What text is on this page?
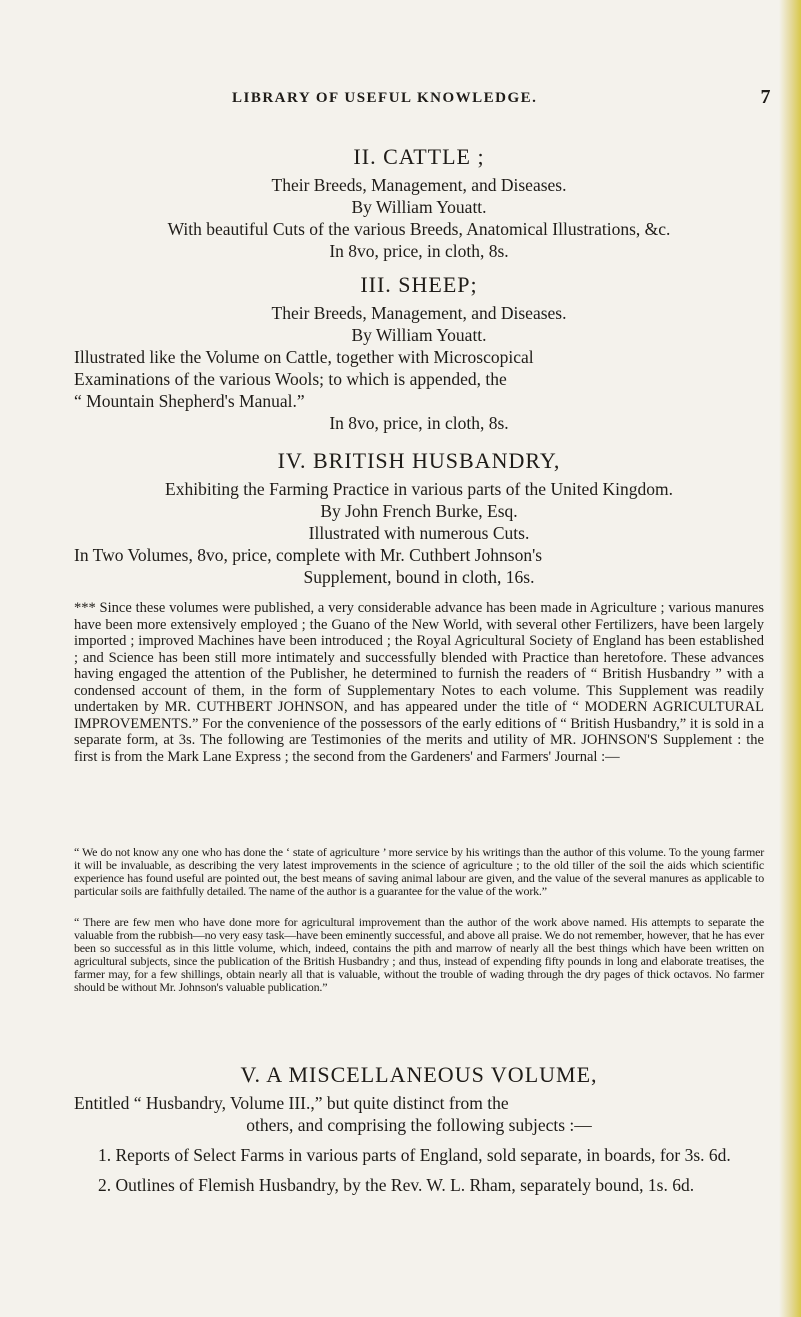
LIBRARY OF USEFUL KNOWLEDGE.	7
II. CATTLE ;

Their Breeds, Management, and Diseases.

By William Youatt.

With beautiful Cuts of the various Breeds, Anatomical Illustrations, &c.

In 8vo, price, in cloth, 8s.

III. SHEEP;

Their Breeds, Management, and Diseases.

By William Youatt.

Illustrated like the Volume on Cattle, together with Microscopical

Examinations of the various Wools; to which is appended, the

“ Mountain Shepherd's Manual.”

In 8vo, price, in cloth, 8s.

IV. BRITISH HUSBANDRY,

Exhibiting the Farming Practice in various parts of the United Kingdom.

By John French Burke, Esq.

Illustrated with numerous Cuts.

In Two Volumes, 8vo, price, complete with Mr. Cuthbert Johnson's

Supplement, bound in cloth, 16s.

*** Since these volumes were published, a very considerable advance has been made in Agriculture ; various manures have been more extensively employed ; the Guano of the New World, with several other Fertilizers, have been largely imported ; improved Machines have been introduced ; the Royal Agricultural Society of England has been established ; and Science has been still more intimately and successfully blended with Practice than heretofore. These advances having engaged the attention of the Publisher, he determined to furnish the readers of “ British Husbandry ” with a condensed account of them, in the form of Supplementary Notes to each volume. This Supplement was readily undertaken by MR. CUTHBERT JOHNSON, and has appeared under the title of “ MODERN AGRICULTURAL IMPROVEMENTS.” For the convenience of the possessors of the early editions of “ British Husbandry,” it is sold in a separate form, at 3s. The following are Testimonies of the merits and utility of MR. JOHNSON'S Supplement : the first is from the Mark Lane Express ; the second from the Gardeners' and Farmers' Journal :—
“ We do not know any one who has done the ‘ state of agriculture ’ more service by his writings than the author of this volume. To the young farmer it will be invaluable, as describing the very latest improvements in the science of agriculture ; to the old tiller of the soil the aids which scientific experience has found useful are pointed out, the best means of saving animal labour are given, and the value of the several manures as applicable to particular soils are faithfully detailed. The name of the author is a guarantee for the value of the work.”
“ There are few men who have done more for agricultural improvement than the author of the work above named. His attempts to separate the valuable from the rubbish—no very easy task—have been eminently successful, and above all praise. We do not remember, however, that he has ever been so successful as in this little volume, which, indeed, contains the pith and marrow of nearly all the best things which have been written on agricultural subjects, since the publication of the British Husbandry ; and thus, instead of expending fifty pounds in long and elaborate treatises, the farmer may, for a few shillings, obtain nearly all that is valuable, without the trouble of wading through the dry pages of thick octavos. No farmer should be without Mr. Johnson's valuable publication.”
V. A MISCELLANEOUS VOLUME,

Entitled “ Husbandry, Volume III.,” but quite distinct from the

others, and comprising the following subjects :—

1. Reports of Select Farms in various parts of England, sold separate, in boards, for 3s. 6d.

2. Outlines of Flemish Husbandry, by the Rev. W. L. Rham, separately bound, 1s. 6d.
